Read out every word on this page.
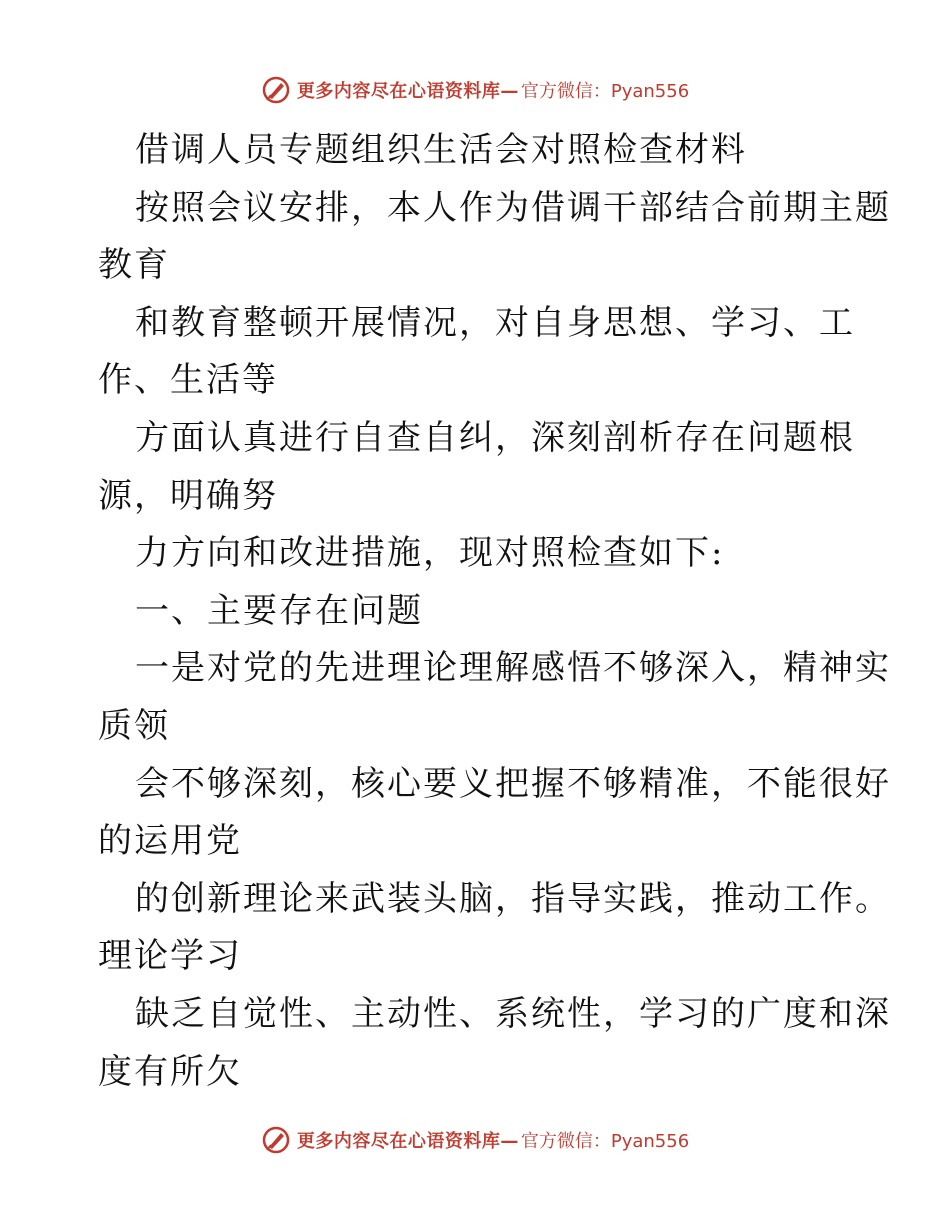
更多内容尽在心语资料库— 官方微信：Pyan556

借调人员专题组织生活会对照检查材料

按照会议安排，本人作为借调干部结合前期主题

教育

和教育整顿开展情况，对自身思想、学习、工

作、生活等

方面认真进行自查自纠，深刻剖析存在问题根

源，明确努

力方向和改进措施，现对照检查如下:

一、主要存在问题

一是对党的先进理论理解感悟不够深入，精神实

质领

会不够深刻，核心要义把握不够精准，不能很好

的运用党

的创新理论来武装头脑，指导实践，推动工作。

理论学习

缺乏自觉性、主动性、系统性，学习的广度和深

度有所欠

更多内容尽在心语资料库— 官方微信：Pyan556
